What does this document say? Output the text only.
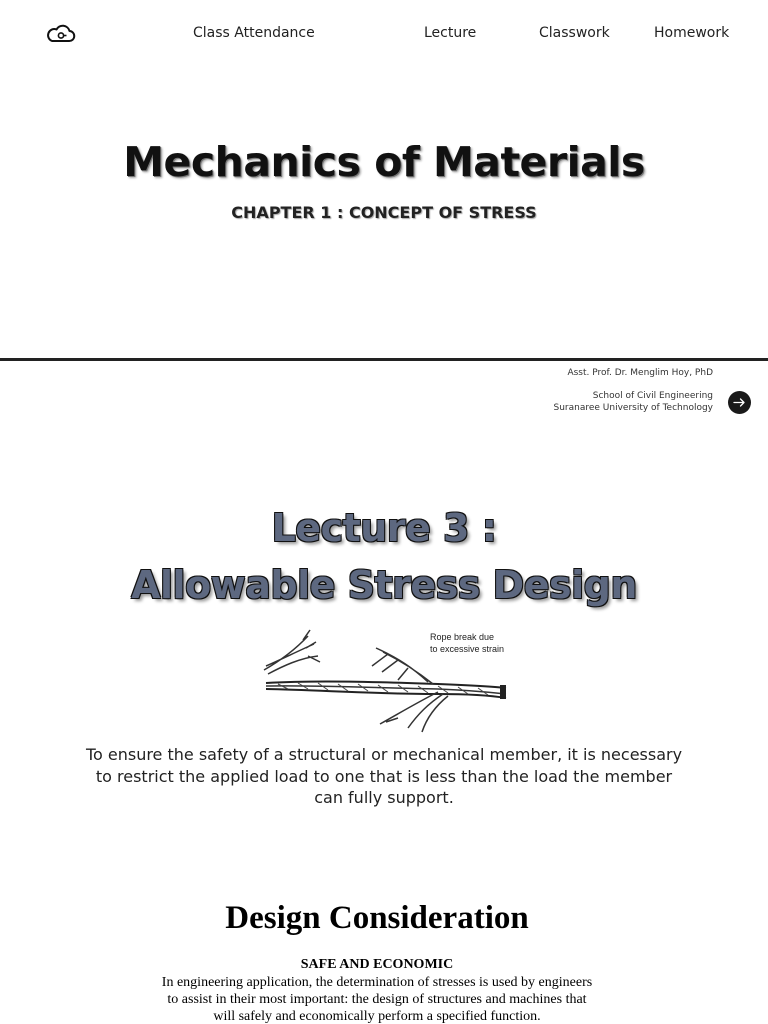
Class Attendance	Lecture	Classwork	Homework
Mechanics of Materials
CHAPTER 1 : CONCEPT OF STRESS
Asst. Prof. Dr. Menglim Hoy, PhD
School of Civil Engineering
Suranaree University of Technology
Lecture 3 :
Allowable Stress Design
Rope break due
to excessive strain

To ensure the safety of a structural or mechanical member, it is necessary to restrict the applied load to one that is less than the load the member can fully support.

Design Consideration
SAFE AND ECONOMIC

In engineering application, the determination of stresses is used by engineers to assist in their most important: the design of structures and machines that will safely and economically perform a specified function.
